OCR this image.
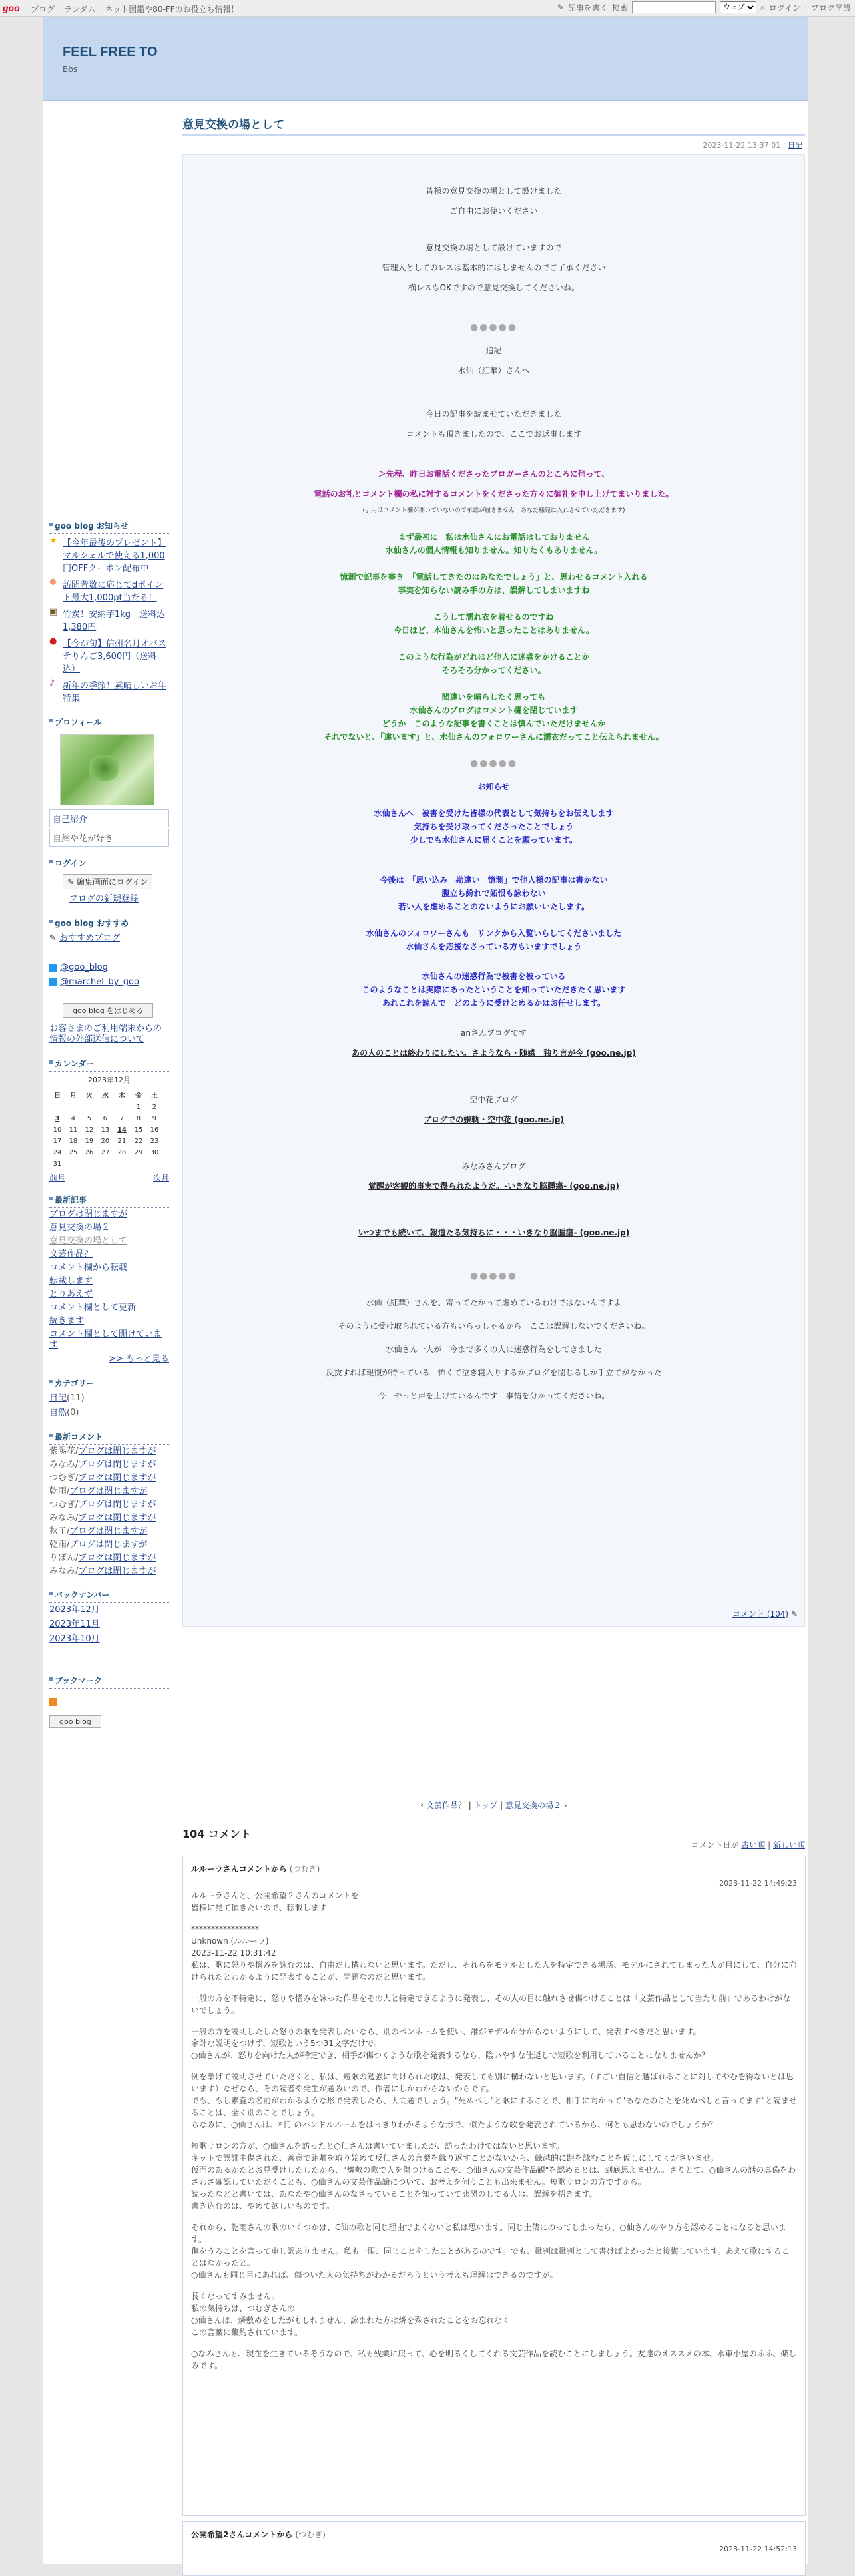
goo ブログ ランダム ネット図鑑や80-FFのお役立ち情報！	✎ 記事を書く 検索
ウェブ	⌕ ログイン · ブログ開設
FEEL FREE TO
Bbs
goo blog お知らせ
★ 【今年最後のプレゼント】マルシェルで使える1,000円OFFクーポン配布中
❁ 訪問者数に応じてdポイント最大1,000pt当たる！
▣ 竹炭！安納芋1kg　送料込1,380円
● 【今が旬】信州名月オバステりんご3,600円（送料込）
♪ 新年の季節！素晴しいお年特集
プロフィール
自己紹介
自然や花が好き
ログイン
✎ 編集画面にログイン
ブログの新規登録
goo blog おすすめ
✎ おすすめブログ
@goo_blog
@marchel_by_goo
goo blog をはじめる
お客さまのご利用端末からの情報の外部送信について
カレンダー
2023年12月
日	月	火	水	木	金	土
					1	2
3	4	5	6	7	8	9
10	11	12	13	14	15	16
17	18	19	20	21	22	23
24	25	26	27	28	29	30
31						
前月	次月
最新記事
ブログは閉じますが
意見交換の場２
意見交換の場として
文芸作品？
コメント欄から転載
転載します
とりあえず
コメント欄として更新
続きます
コメント欄として開けています
>> もっと見る
カテゴリー
日記(11)
自然(0)
最新コメント
紫陽花/ブログは閉じますが
みなみ/ブログは閉じますが
つむぎ/ブログは閉じますが
乾雨/ブログは閉じますが
つむぎ/ブログは閉じますが
みなみ/ブログは閉じますが
秋子/ブログは閉じますが
乾雨/ブログは閉じますが
りぼん/ブログは閉じますが
みなみ/ブログは閉じますが
バックナンバー
2023年12月
2023年11月
2023年10月
ブックマーク
goo blog
意見交換の場として
2023-11-22 13:37:01 | 日記
コメント (104) ✎
皆様の意見交換の場として設けました
ご自由にお使いください
意見交換の場として設けていますので
管理人としてのレスは基本的にはしませんのでご了承ください
横レスもOKですので意見交換してくださいね。
●●●●●
追記
水仙（紅華）さんへ
今日の記事を読ませていただきました
コメントも頂きましたので、ここでお返事します
＞先程、昨日お電話くださったブロガーさんのところに伺って、
電話のお礼とコメント欄の私に対するコメントをくださった方々に御礼を申し上げてまいりました。
(引用はコメント欄が開いていないので承認が届きません　あなた様宛に入れさせていただきます)
まず最初に　私は水仙さんにお電話はしておりません
水仙さんの個人情報も知りません。知りたくもありません。
憶測で記事を書き　「電話してきたのはあなたでしょう」と、思わせるコメント入れる
事実を知らない読み手の方は、誤解してしまいますね
こうして濡れ衣を着せるのですね
今日はど、本仙さんを怖いと思ったことはありません。
このような行為がどれほど他人に迷惑をかけることか
そろそろ分かってください。
閲違いを晴らしたく思っても
水仙さんのブログはコメント欄を閉じています
どうか　このような記事を書くことは慎んでいただけませんか
それでないと、「違います」と、水仙さんのフォロワーさんに濡衣だってこと伝えられません。
●●●●●
お知らせ
水仙さんへ　被害を受けた皆様の代表として気持ちをお伝えします
気持ちを受け取ってくださったことでしょう
少しでも水仙さんに届くことを願っています。
今後は　「思い込み　勘違い　憶測」で他人様の記事は書かない
腹立ち紛れで妬恨も詠わない
若い人を虐めることのないようにお願いいたします。
水仙さんのフォロワーさんも　リンクから入覧いらしてくださいました
水仙さんを応援なさっている方もいますでしょう
水仙さんの迷惑行為で被害を被っている
このようなことは実際にあったということを知っていただきたく思います
あれこれを読んで　どのように受けとめるかはお任せします。
anさんブログです
あの人のことは終わりにしたい。さようなら・随感　独り言が今 (goo.ne.jp)
空中花ブログ
ブログでの嫌軌・空中花 (goo.ne.jp)
みなみさんブログ
覚醒が客観的事実で得られたようだ。‐いきなり脳腫瘍‐ (goo.ne.jp)
いつまでも続いて、報道たる気持ちに・・・いきなり脳腫瘍‐ (goo.ne.jp)
●●●●●
水仙（紅華）さんを、寄ってたかって虐めているわけではないんですよ
そのように受け取られている方もいらっしゃるから　ここは誤解しないでくださいね。
水仙さん一人が　今まで多くの人に迷惑行為をしてきました
反抜すれば報復が待っている　怖くて泣き寝入りするかブログを閉じるしか手立てがなかった
今　やっと声を上げているんです　事情を分かってくださいね。
‹ 文芸作品？ | トップ | 意見交換の場２ ›
104 コメント
コメント日が 古い順 | 新しい順
ルルーラさんコメントから (つむぎ)
2023-11-22 14:49:23

ルルーラさんと、公開希望２さんのコメントを
皆様に見て頂きたいので、転載します

*****************
Unknown (ルルーラ)
2023-11-22 10:31:42
私は、歌に怒りや憎みを詠むのは、自由だし構わないと思います。ただし、それらをモデルとした人を特定できる場所、モデルにされてしまった人が目にして、自分に向けられたとわかるように発表することが、問題なのだと思います。

一般の方を不特定に、怒りや憎みを詠った作品をその人と特定できるように発表し、その人の目に触れさせ傷つけることは「文芸作品として当たり前」であるわけがないでしょう。

一般の方を説明したした怒りの歌を発表したいなら、別のペンネームを使い、誰がモデルか分からないようにして、発表すべきだと思います。
余計な説明をつけず、短歌という5つ31文字だけで。
○仙さんが、怒りを向けた人が特定でき、相手が傷つくような歌を発表するなら、陰いやすな仕返しで短歌を利用していることになりませんか？

例を挙げて説明させていただくと、私は、短歌の勉強に向けられた歌は、発表しても別に構わないと思います。（すごい自信と越ばれることに対してやむを得ないとは思います）なぜなら、その読者や発生が題みいので、作者にしかわからないからです。
でも、もし素直の名前がわかるような形で発表したら、大問題でしょう。"死ぬべし"と歌にすることで、相手に向かって"あなたのことを死ぬべしと言ってます"と読ませることは、全く別のことでしょう。
ちなみに、○仙さんは、相手のハンドルネームをはっきりわかるような形で、似たような歌を発表されているから、何とも思わないのでしょうか？

短歌サロンの方が、○仙さんを訪ったと○仙さんは書いていましたが、訪ったわけではないと思います。
ネットで誤誹中傷された、善意で距離を取り始めて反仙さんの言葉を縁り返すことがないから、繰越的に距を詠むことを仮しにしてくださいませ。
仮面のあるかたとお見受けしたしたから、"燐敷の歌で人を傷つけることや、○仙さんの文芸作品観"を認めるとは、到底思えません。さりとて、○仙さんの話の真偽をわざわざ確認していただくことも、○仙さんの文芸作品論について、お考えを伺うことも出来ません。短歌サロンの方ですから。
読ったなどと書いては、あなたや○仙さんのなさっていることを知っていて悲関のしてる人は、誤解を招きます。
書き込むのは、やめて欲しいものです。

それから、乾雨さんの歌のいくつかは、C仙の歌と同じ理由でよくないと私は思います。同じ土俵にのってしまったら、○仙さんのやり方を認めることになると思います。
傷をうることを言って申し訳ありません。私も一限、同じことをしたことがあるのです。でも、批判は批判として書けばよかったと後悔しています。あえて歌にすることはなかったと。
○仙さんも同じ目にあれば、傷ついた人の気持ちがわかるだろうという考えも理解はできるのですが。

長くなってすみません。
私の気持ちは、つむぎさんの
○仙さんは、燐敷めをしたがもしれません、詠まれた方は燐を殊されたことをお忘れなく
この言葉に集約されています。

○なみさんも、現在を生きているそうなので、私も残業に戻って、心を明るくしてくれる文芸作品を読むことにしましょう。友達のオススメの本、水車小屋のネネ、楽しみです。

公開希望2さんコメントから (つむぎ)
2023-11-22 14:52:13
